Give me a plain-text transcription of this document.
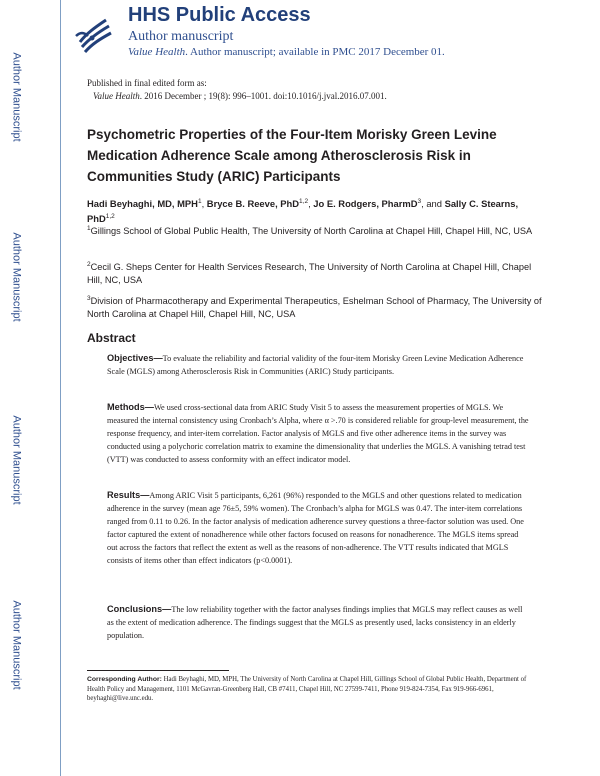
Author Manuscript
Author Manuscript
Author Manuscript
Author Manuscript
HHS Public Access
Author manuscript
Value Health. Author manuscript; available in PMC 2017 December 01.
Published in final edited form as:
Value Health. 2016 December ; 19(8): 996–1001. doi:10.1016/j.jval.2016.07.001.
Psychometric Properties of the Four-Item Morisky Green Levine Medication Adherence Scale among Atherosclerosis Risk in Communities Study (ARIC) Participants
Hadi Beyhaghi, MD, MPH$^1$, Bryce B. Reeve, PhD$^{1,2}$, Jo E. Rodgers, PharmD$^3$, and Sally C. Stearns, PhD$^{1,2}$
$^1$Gillings School of Global Public Health, The University of North Carolina at Chapel Hill, Chapel Hill, NC, USA
$^2$Cecil G. Sheps Center for Health Services Research, The University of North Carolina at Chapel Hill, Chapel Hill, NC, USA
$^3$Division of Pharmacotherapy and Experimental Therapeutics, Eshelman School of Pharmacy, The University of North Carolina at Chapel Hill, Chapel Hill, NC, USA
Abstract
Objectives—To evaluate the reliability and factorial validity of the four-item Morisky Green Levine Medication Adherence Scale (MGLS) among Atherosclerosis Risk in Communities (ARIC) Study participants.
Methods—We used cross-sectional data from ARIC Study Visit 5 to assess the measurement properties of MGLS. We measured the internal consistency using Cronbach’s Alpha, where α >.70 is considered reliable for group-level measurement, the response frequency, and inter-item correlation. Factor analysis of MGLS and five other adherence items in the survey was conducted using a polychoric correlation matrix to examine the dimensionality that underlies the MGLS. A vanishing tetrad test (VTT) was conducted to assess conformity with an effect indicator model.
Results—Among ARIC Visit 5 participants, 6,261 (96%) responded to the MGLS and other questions related to medication adherence in the survey (mean age 76±5, 59% women). The Cronbach’s alpha for MGLS was 0.47. The inter-item correlations ranged from 0.11 to 0.26. In the factor analysis of medication adherence survey questions a three-factor solution was used. One factor captured the extent of nonadherence while other factors focused on reasons for nonadherence. The MGLS items spread out across the factors that reflect the extent as well as the reasons of non-adherence. The VTT results indicated that MGLS consists of items other than effect indicators (p<0.0001).
Conclusions—The low reliability together with the factor analyses findings implies that MGLS may reflect causes as well as the extent of medication adherence. The findings suggest that the MGLS as presently used, lacks consistency in an elderly population.
Corresponding Author: Hadi Beyhaghi, MD, MPH, The University of North Carolina at Chapel Hill, Gillings School of Global Public Health, Department of Health Policy and Management, 1101 McGavran-Greenberg Hall, CB #7411, Chapel Hill, NC 27599-7411, Phone 919-824-7354, Fax 919-966-6961, beyhaghi@live.unc.edu.
